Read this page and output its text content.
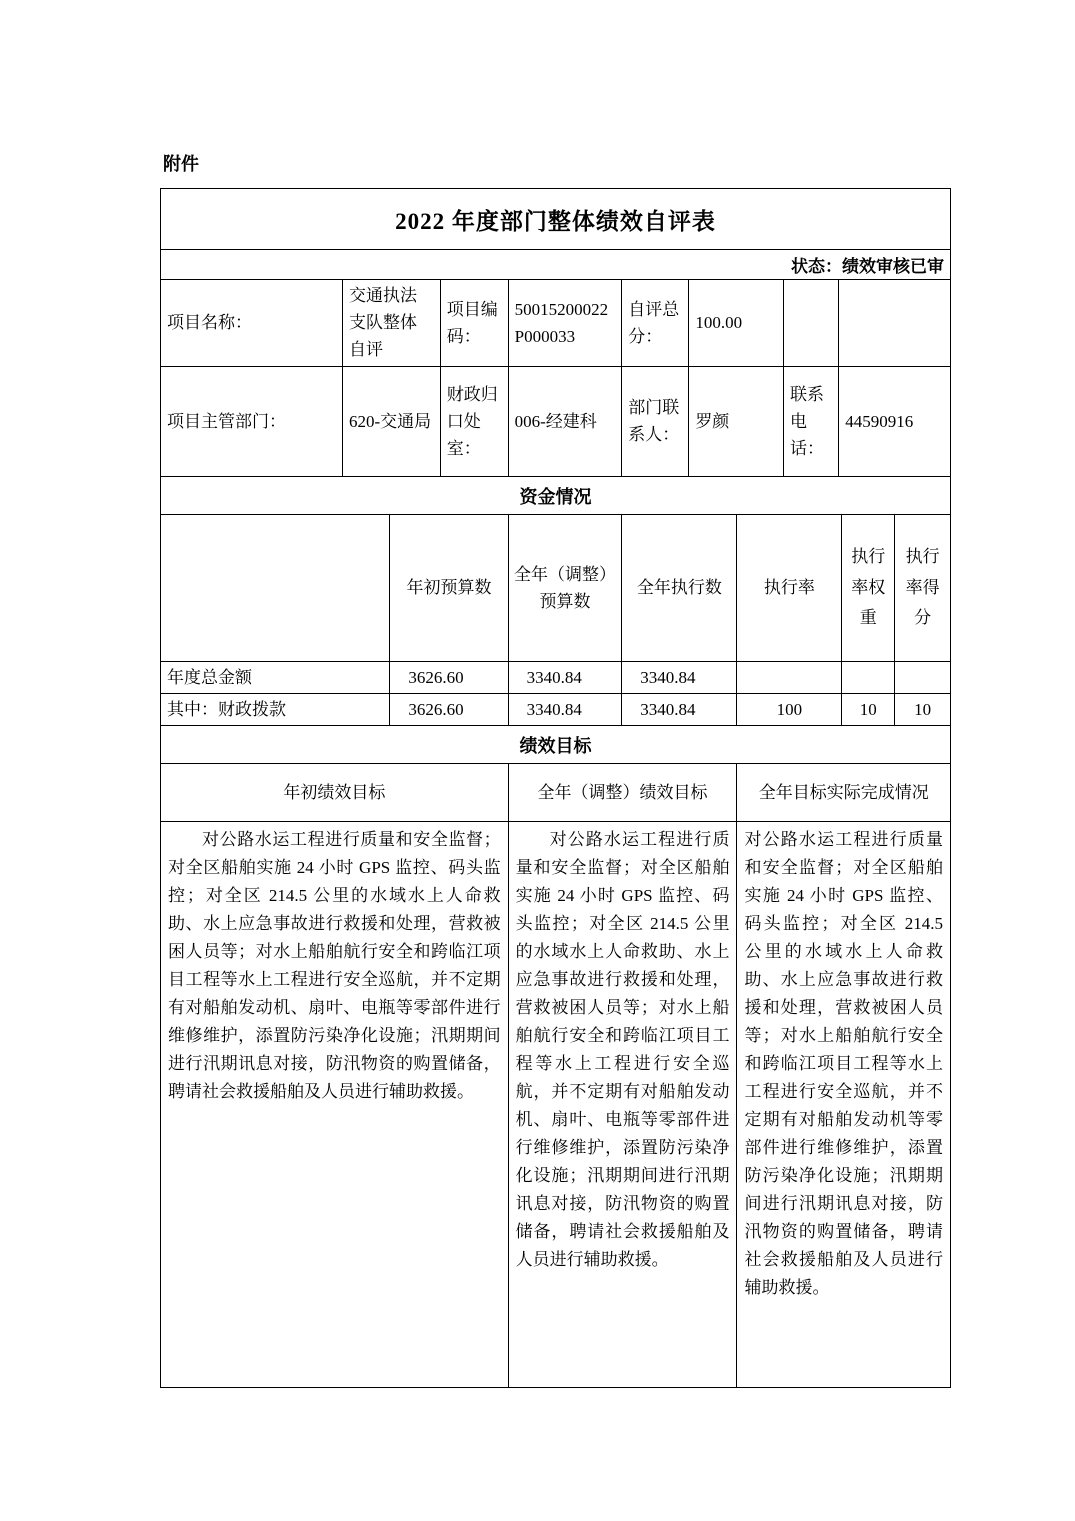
附件
2022 年度部门整体绩效自评表
状态：绩效审核已审
项目名称：	交通执法支队整体自评	项目编码：	50015200022P000033	自评总分：	100.00		
项目主管部门：	620-交通局	财政归口处室：	006-经建科	部门联系人：	罗颜	联系电话：	44590916
资金情况
	年初预算数	全年（调整）预算数	全年执行数	执行率	执行率权重	执行率得分
年度总金额	3626.60	3340.84	3340.84			
其中：财政拨款	3626.60	3340.84	3340.84	100	10	10
绩效目标
年初绩效目标	全年（调整）绩效目标	全年目标实际完成情况

对公路水运工程进行质量和安全监督；对全区船舶实施 24 小时 GPS 监控、码头监控；对全区 214.5 公里的水域水上人命救助、水上应急事故进行救援和处理，营救被困人员等；对水上船舶航行安全和跨临江项目工程等水上工程进行安全巡航，并不定期有对船舶发动机、扇叶、电瓶等零部件进行维修维护，添置防污染净化设施；汛期期间进行汛期讯息对接，防汛物资的购置储备，聘请社会救援船舶及人员进行辅助救援。	对公路水运工程进行质量和安全监督；对全区船舶实施 24 小时 GPS 监控、码头监控；对全区 214.5 公里的水域水上人命救助、水上应急事故进行救援和处理，营救被困人员等；对水上船舶航行安全和跨临江项目工程等水上工程进行安全巡航，并不定期有对船舶发动机、扇叶、电瓶等零部件进行维修维护，添置防污染净化设施；汛期期间进行汛期讯息对接，防汛物资的购置储备，聘请社会救援船舶及人员进行辅助救援。	对公路水运工程进行质量和安全监督；对全区船舶实施 24 小时 GPS 监控、码头监控；对全区 214.5 公里的水域水上人命救助、水上应急事故进行救援和处理，营救被困人员等；对水上船舶航行安全和跨临江项目工程等水上工程进行安全巡航，并不定期有对船舶发动机等零部件进行维修维护，添置防污染净化设施；汛期期间进行汛期讯息对接，防汛物资的购置储备，聘请社会救援船舶及人员进行辅助救援。
